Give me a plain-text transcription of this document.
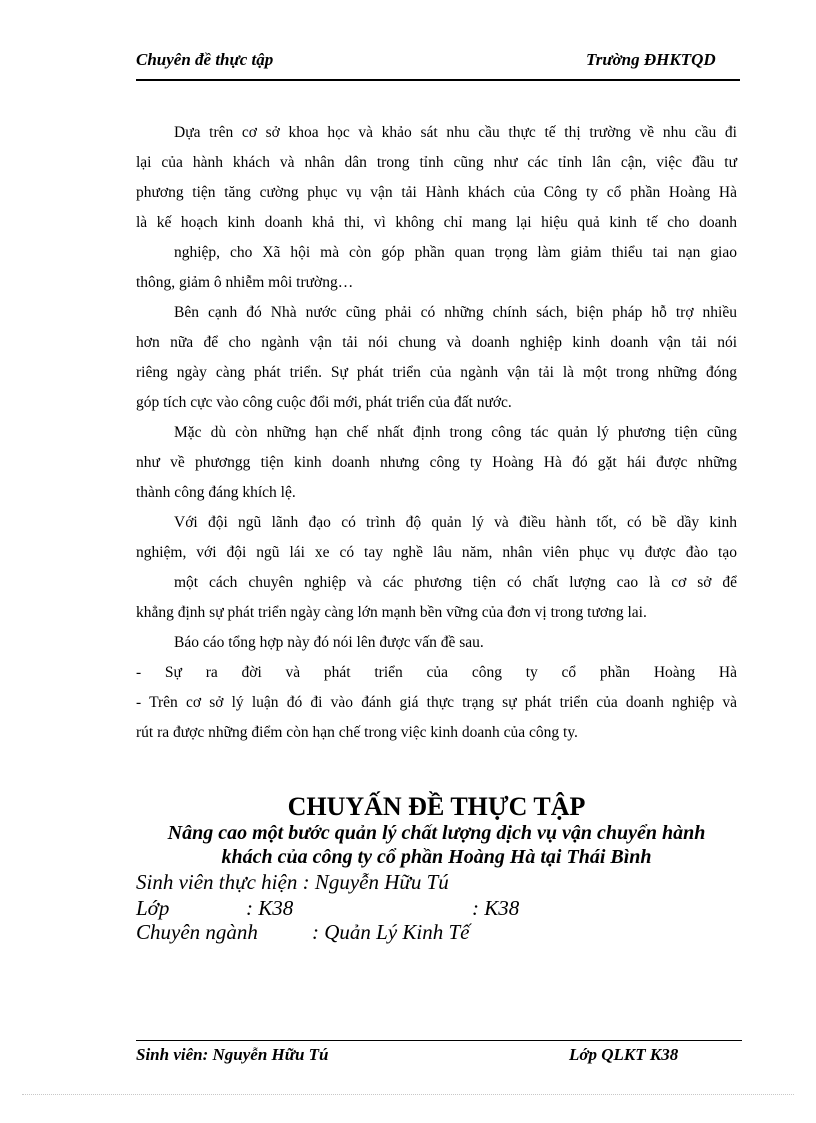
Chuyên đề thực tập	Trường ĐHKTQD
Dựa trên cơ sở khoa học và khảo sát nhu cầu thực tế thị trường về nhu cầu đi
lại của hành khách và nhân dân trong tỉnh cũng như các tỉnh lân cận, việc đầu tư
phương tiện tăng cường phục vụ vận tải Hành khách của Công ty cổ phần Hoàng Hà
là kế hoạch kinh doanh khả thi, vì không chỉ mang lại hiệu quả kinh tế cho doanh
nghiệp, cho Xã hội mà còn góp phần quan trọng làm giảm thiểu tai nạn giao
thông, giảm ô nhiễm môi trường…
Bên cạnh đó Nhà nước cũng phải có những chính sách, biện pháp hỗ trợ nhiều
hơn nữa để cho ngành vận tải nói chung và doanh nghiệp kinh doanh vận tải nói
riêng ngày càng phát triển. Sự phát triển của ngành vận tải là một trong những đóng
góp tích cực vào công cuộc đổi mới, phát triển của đất nước.
Mặc dù còn những hạn chế nhất định trong công tác quản lý phương tiện cũng
như về phươngg tiện kinh doanh nhưng công ty Hoàng Hà đó gặt hái được những
thành công đáng khích lệ.
Với đội ngũ lãnh đạo có trình độ quản lý và điều hành tốt, có bề dầy kinh
nghiệm, với đội ngũ lái xe có tay nghề lâu năm, nhân viên phục vụ được đào tạo
một cách chuyên nghiệp và các phương tiện có chất lượng cao là cơ sở để
khẳng định sự phát triển ngày càng lớn mạnh bền vững của đơn vị trong tương lai.
Báo cáo tổng hợp này đó nói lên được vấn đề sau.
- Sự ra đời và phát triển của công ty cổ phần Hoàng Hà
- Trên cơ sở lý luận đó đi vào đánh giá thực trạng sự phát triển của doanh nghiệp và
rút ra được những điểm còn hạn chế trong việc kinh doanh của công ty.
CHUYẤN ĐỀ THỰC TẬP
Nâng cao một bước quản lý chất lượng dịch vụ vận chuyển hành
khách của công ty cổ phần Hoàng Hà tại Thái Bình
Sinh viên thực hiện : Nguyễn Hữu Tú
Lớp	: K38	: K38
Chuyên ngành	: Quản Lý Kinh Tế
Sinh viên: Nguyễn Hữu Tú	Lớp QLKT K38
